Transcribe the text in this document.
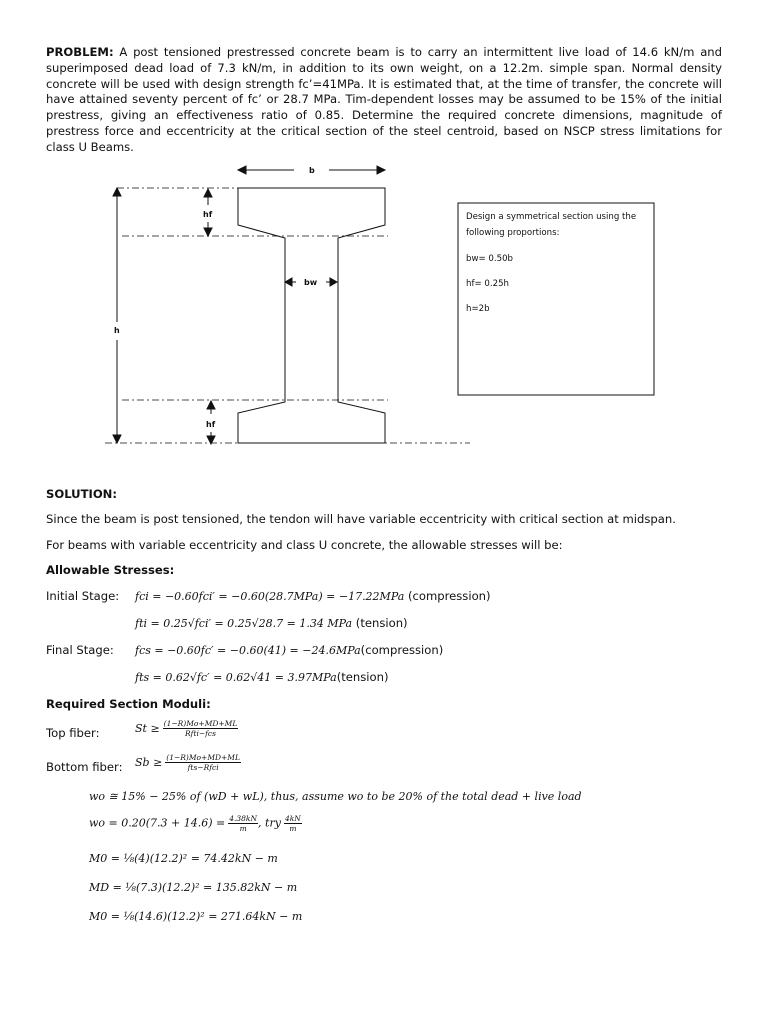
PROBLEM: A post tensioned prestressed concrete beam is to carry an intermittent live load of 14.6 kN/m and superimposed dead load of 7.3 kN/m, in addition to its own weight, on a 12.2m. simple span. Normal density concrete will be used with design strength fc’=41MPa. It is estimated that, at the time of transfer, the concrete will have attained seventy percent of fc’ or 28.7 MPa. Tim-dependent losses may be assumed to be 15% of the initial prestress, giving an effectiveness ratio of 0.85. Determine the required concrete dimensions, magnitude of prestress force and eccentricity at the critical section of the steel centroid, based on NSCP stress limitations for class U Beams.

b
hf
bw
h
hf
Design a symmetrical section using the
following proportions:
bw= 0.50b
hf= 0.25h
h=2b

SOLUTION:

Since the beam is post tensioned, the tendon will have variable eccentricity with critical section at midspan.

For beams with variable eccentricity and class U concrete, the allowable stresses will be:

Allowable Stresses:

Initial Stage: fci = −0.60fci′ = −0.60(28.7MPa) = −17.22MPa (compression)
fti = 0.25√fci′ = 0.25√28.7 = 1.34 MPa (tension)
Final Stage: fcs = −0.60fc′ = −0.60(41) = −24.6MPa(compression)
fts = 0.62√fc′ = 0.62√41 = 3.97MPa(tension)

Required Section Moduli:

Top fiber:	$St \ge \frac{(1-R)Mo+MD+ML}{\text{Rfti−fcs}}$
Bottom fiber: $Sb \ge \frac{(1-R)Mo+MD+ML}{\text{fts−Rfci}}$
wo ≅ 15% − 25% of (wD + wL), thus, assume wo to be 20% of the total dead + live load
wo = $0.20(7.3 + 14.6) = \frac{4.38kN}{m}$ , try $\frac{4kN}{m}$
M0 = ⅛(4)(12.2)² = 74.42kN − m
MD = ⅛(7.3)(12.2)² = 135.82kN − m
M0 = ⅛(14.6)(12.2)² = 271.64kN − m
